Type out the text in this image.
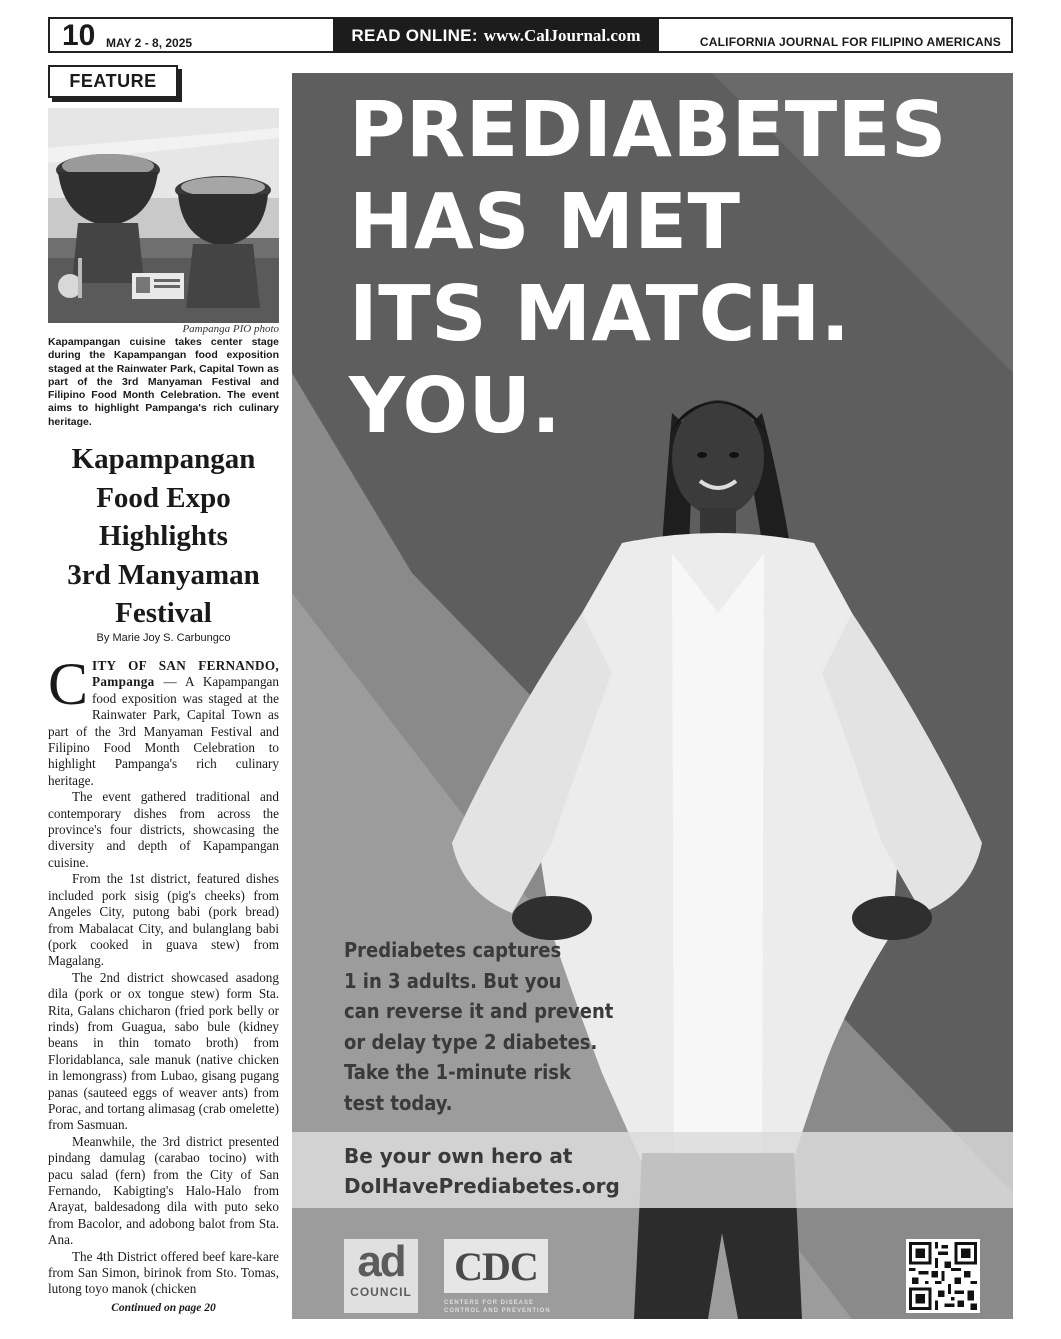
10 MAY 2 - 8, 2025	READ ONLINE: www.CalJournal.com	CALIFORNIA JOURNAL FOR FILIPINO AMERICANS
FEATURE
Pampanga PIO photo
Kapampangan cuisine takes center stage during the Kapampangan food exposition staged at the Rainwater Park, Capital Town as part of the 3rd Manyaman Festival and Filipino Food Month Celebration. The event aims to highlight Pampanga's rich culinary heritage.
Kapampangan
Food Expo
Highlights
3rd Manyaman
Festival
By Marie Joy S. Carbungco

C ITY OF SAN FERNANDO, Pampanga — A Kapampangan food exposition was staged at the Rainwater Park, Capital Town as part of the 3rd Manyaman Festival and Filipino Food Month Celebration to highlight Pampanga's rich culinary heritage.

The event gathered traditional and contemporary dishes from across the province's four districts, showcasing the diversity and depth of Kapampangan cuisine.

From the 1st district, featured dishes included pork sisig (pig's cheeks) from Angeles City, putong babi (pork bread) from Mabalacat City, and bulanglang babi (pork cooked in guava stew) from Magalang.

The 2nd district showcased asadong dila (pork or ox tongue stew) form Sta. Rita, Galans chicharon (fried pork belly or rinds) from Guagua, sabo bule (kidney beans in thin tomato broth) from Floridablanca, sale manuk (native chicken in lemongrass) from Lubao, gisang pugang panas (sauteed eggs of weaver ants) from Porac, and tortang alimasag (crab omelette) from Sasmuan.

Meanwhile, the 3rd district presented pindang damulag (carabao tocino) with pacu salad (fern) from the City of San Fernando, Kabigting's Halo-Halo from Arayat, baldesadong dila with puto seko from Bacolor, and adobong balot from Sta. Ana.

The 4th District offered beef kare-kare from San Simon, birinok from Sto. Tomas, lutong toyo manok (chicken

Continued on page 20
PREDIABETES
HAS MET
ITS MATCH.
YOU.
Prediabetes captures
1 in 3 adults. But you
can reverse it and prevent
or delay type 2 diabetes.
Take the 1-minute risk
test today.
Be your own hero at
DoIHavePrediabetes.org
ad
COUNCIL
CDC
CENTERS FOR DISEASE
CONTROL AND PREVENTION
